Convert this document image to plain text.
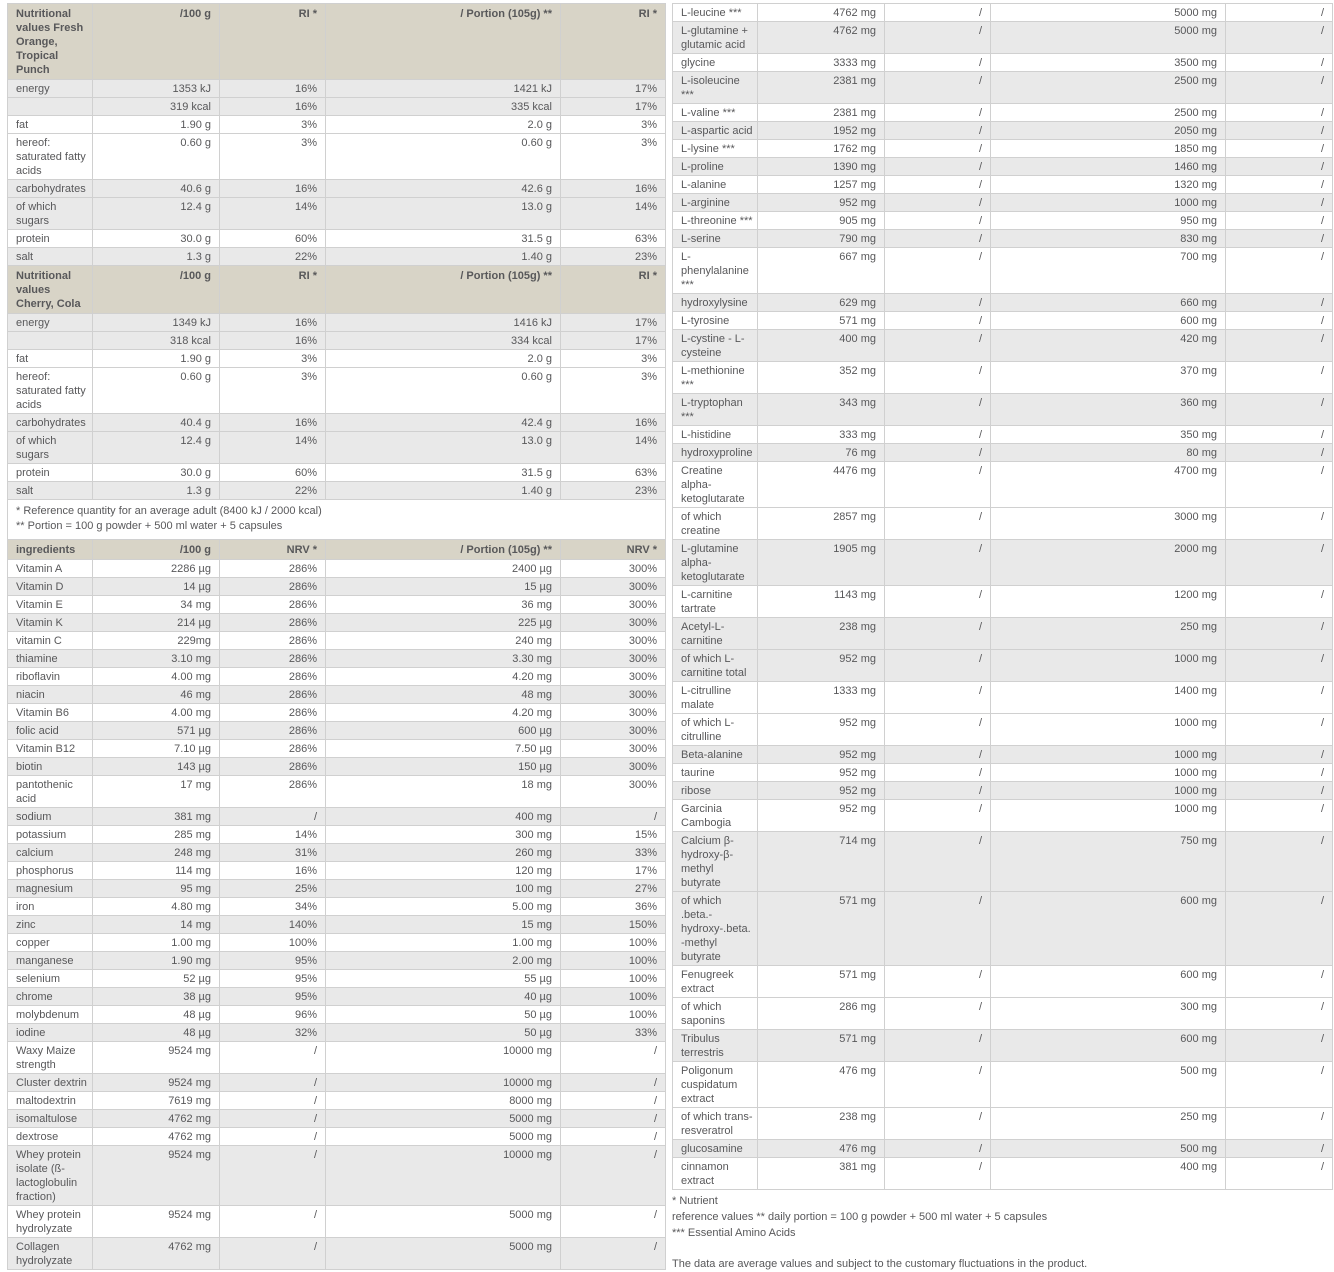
Nutritional values Fresh Orange, Tropical Punch	/100 g	RI *	/ Portion (105g) **	RI *
energy	1353 kJ	16%	1421 kJ	17%
	319 kcal	16%	335 kcal	17%
fat	1.90 g	3%	2.0 g	3%
hereof: saturated fatty acids	0.60 g	3%	0.60 g	3%
carbohydrates	40.6 g	16%	42.6 g	16%
of which sugars	12.4 g	14%	13.0 g	14%
protein	30.0 g	60%	31.5 g	63%
salt	1.3 g	22%	1.40 g	23%
Nutritional values Cherry, Cola	/100 g	RI *	/ Portion (105g) **	RI *
energy	1349 kJ	16%	1416 kJ	17%
	318 kcal	16%	334 kcal	17%
fat	1.90 g	3%	2.0 g	3%
hereof: saturated fatty acids	0.60 g	3%	0.60 g	3%
carbohydrates	40.4 g	16%	42.4 g	16%
of which sugars	12.4 g	14%	13.0 g	14%
protein	30.0 g	60%	31.5 g	63%
salt	1.3 g	22%	1.40 g	23%

* Reference quantity for an average adult (8400 kJ / 2000 kcal)
** Portion = 100 g powder + 500 ml water + 5 capsules				

ingredients	/100 g	NRV *	/ Portion (105g) **	NRV *
Vitamin A	2286 µg	286%	2400 µg	300%
Vitamin D	14 µg	286%	15 µg	300%
Vitamin E	34 mg	286%	36 mg	300%
Vitamin K	214 µg	286%	225 µg	300%
vitamin C	229mg	286%	240 mg	300%
thiamine	3.10 mg	286%	3.30 mg	300%
riboflavin	4.00 mg	286%	4.20 mg	300%
niacin	46 mg	286%	48 mg	300%
Vitamin B6	4.00 mg	286%	4.20 mg	300%
folic acid	571 µg	286%	600 µg	300%
Vitamin B12	7.10 µg	286%	7.50 µg	300%
biotin	143 µg	286%	150 µg	300%
pantothenic acid	17 mg	286%	18 mg	300%
sodium	381 mg	/	400 mg	/
potassium	285 mg	14%	300 mg	15%
calcium	248 mg	31%	260 mg	33%
phosphorus	114 mg	16%	120 mg	17%
magnesium	95 mg	25%	100 mg	27%
iron	4.80 mg	34%	5.00 mg	36%
zinc	14 mg	140%	15 mg	150%
copper	1.00 mg	100%	1.00 mg	100%
manganese	1.90 mg	95%	2.00 mg	100%
selenium	52 µg	95%	55 µg	100%
chrome	38 µg	95%	40 µg	100%
molybdenum	48 µg	96%	50 µg	100%
iodine	48 µg	32%	50 µg	33%
Waxy Maize strength	9524 mg	/	10000 mg	/
Cluster dextrin	9524 mg	/	10000 mg	/
maltodextrin	7619 mg	/	8000 mg	/
isomaltulose	4762 mg	/	5000 mg	/
dextrose	4762 mg	/	5000 mg	/
Whey protein isolate (ß-lactoglobulin fraction)	9524 mg	/	10000 mg	/
Whey protein hydrolyzate	9524 mg	/	5000 mg	/
Collagen hydrolyzate	4762 mg	/	5000 mg	/
L-leucine ***	4762 mg	/	5000 mg	/
L-glutamine + glutamic acid	4762 mg	/	5000 mg	/
glycine	3333 mg	/	3500 mg	/
L-isoleucine ***	2381 mg	/	2500 mg	/
L-valine ***	2381 mg	/	2500 mg	/
L-aspartic acid	1952 mg	/	2050 mg	/
L-lysine ***	1762 mg	/	1850 mg	/
L-proline	1390 mg	/	1460 mg	/
L-alanine	1257 mg	/	1320 mg	/
L-arginine	952 mg	/	1000 mg	/
L-threonine ***	905 mg	/	950 mg	/
L-serine	790 mg	/	830 mg	/
L-phenylalanine ***	667 mg	/	700 mg	/
hydroxylysine	629 mg	/	660 mg	/
L-tyrosine	571 mg	/	600 mg	/
L-cystine - L-cysteine	400 mg	/	420 mg	/
L-methionine ***	352 mg	/	370 mg	/
L-tryptophan ***	343 mg	/	360 mg	/
L-histidine	333 mg	/	350 mg	/
hydroxyproline	76 mg	/	80 mg	/
Creatine alpha-ketoglutarate	4476 mg	/	4700 mg	/
of which creatine	2857 mg	/	3000 mg	/
L-glutamine alpha-ketoglutarate	1905 mg	/	2000 mg	/
L-carnitine tartrate	1143 mg	/	1200 mg	/
Acetyl-L-carnitine	238 mg	/	250 mg	/
of which L-carnitine total	952 mg	/	1000 mg	/
L-citrulline malate	1333 mg	/	1400 mg	/
of which L-citrulline	952 mg	/	1000 mg	/
Beta-alanine	952 mg	/	1000 mg	/
taurine	952 mg	/	1000 mg	/
ribose	952 mg	/	1000 mg	/
Garcinia Cambogia	952 mg	/	1000 mg	/
Calcium β-hydroxy-β-methyl butyrate	714 mg	/	750 mg	/
of which .beta.-hydroxy-.beta.-methyl butyrate	571 mg	/	600 mg	/
Fenugreek extract	571 mg	/	600 mg	/
of which saponins	286 mg	/	300 mg	/
Tribulus terrestris	571 mg	/	600 mg	/
Poligonum cuspidatum extract	476 mg	/	500 mg	/
of which trans-resveratrol	238 mg	/	250 mg	/
glucosamine	476 mg	/	500 mg	/
cinnamon extract	381 mg	/	400 mg	/
* Nutrient
reference values ** daily portion = 100 g powder + 500 ml water + 5 capsules
*** Essential Amino Acids
The data are average values and subject to the customary fluctuations in the product.
